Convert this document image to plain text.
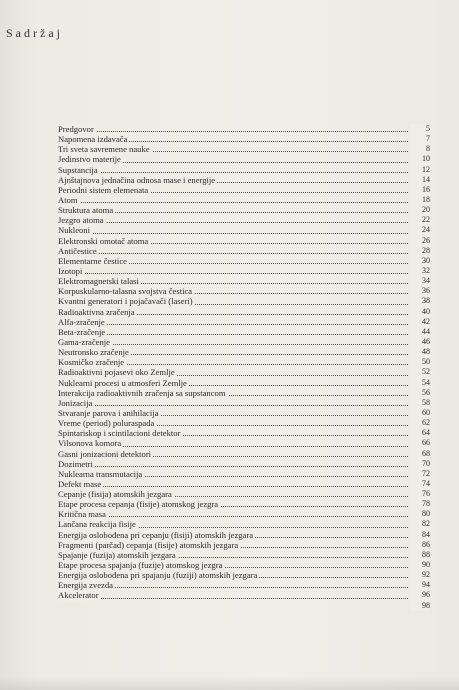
Sadržaj
Predgovor	5
Napomena izdavača	7
Tri sveta savremene nauke	8
Jedinstvo materije	10
Supstancija	12
Ajnštajnova jednačina odnosa mase i energije	14
Periodni sistem elemenata	16
Atom	18
Struktura atoma	20
Jezgro atoma	22
Nukleoni	24
Elektronski omotač atoma	26
Antičestice	28
Elementarne čestice	30
Izotopi	32
Elektromagnetski talasi	34
Korpuskularno-talasna svojstva čestica	36
Kvantni generatori i pojačavači (laseri)	38
Radioaktivna zračenja	40
Alfa-zračenje	42
Beta-zračenje	44
Gama-zračenje	46
Neutronsko zračenje	48
Kosmičko zračenje	50
Radioaktivni pojasevi oko Zemlje	52
Nuklearni procesi u atmosferi Zemlje	54
Interakcija radioaktivnih zračenja sa supstancom	56
Jonizacija	58
Stvaranje parova i anihilacija	60
Vreme (period) poluraspada	62
Spintariskop i scintilacioni detektor	64
Vilsonova komora	66
Gasni jonizacioni detektori	68
Dozimetri	70
Nuklearna transmutacija	72
Defekt mase	74
Cepanje (fisija) atomskih jezgara	76
Etape procesa cepanja (fisije) atomskog jezgra	78
Kritična masa	80
Lančana reakcija fisije	82
Energija oslobođena pri cepanju (fisiji) atomskih jezgara	84
Fragmenti (parčad) cepanja (fisije) atomskih jezgara	86
Spajanje (fuzija) atomskih jezgara	88
Etape procesa spajanja (fuzije) atomskog jezgra	90
Energija oslobođena pri spajanju (fuziji) atomskih jezgara	92
Energija zvezda	94
Akcelerator	96
98
